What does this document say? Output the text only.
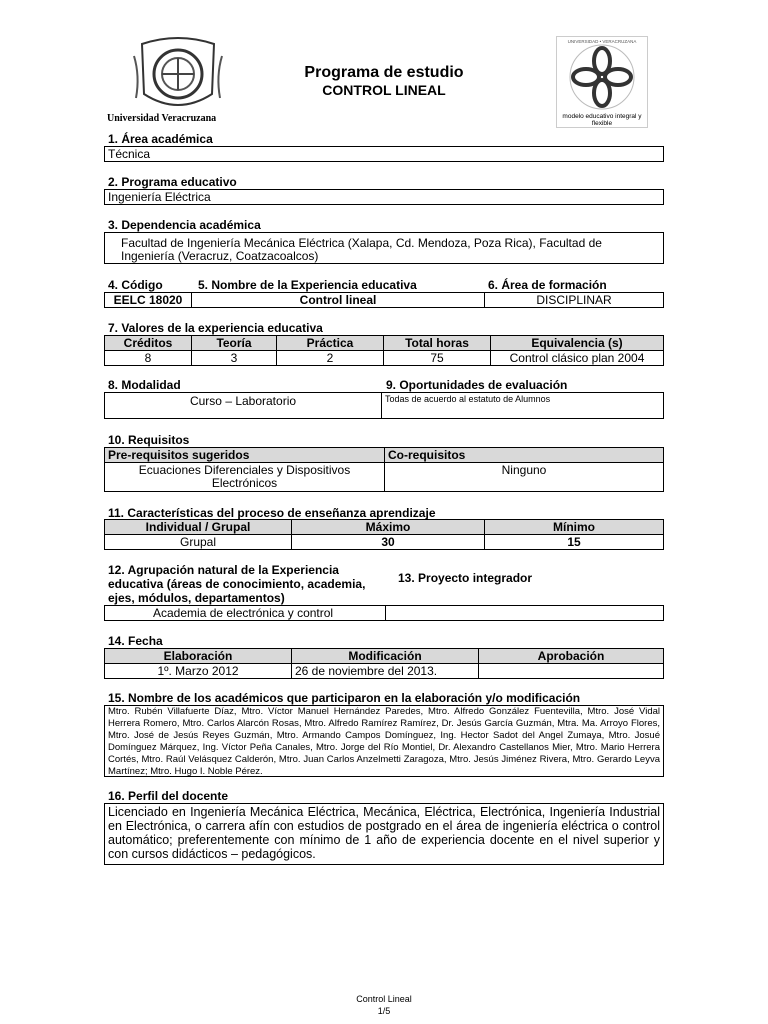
Universidad Veracruzana
Programa de estudio
CONTROL LINEAL
modelo educativo integral y flexible
UNIVERSIDAD • VERACRUZANA
1. Área académica
Técnica
2. Programa educativo
Ingeniería Eléctrica
3. Dependencia académica
Facultad de Ingeniería Mecánica Eléctrica (Xalapa, Cd. Mendoza, Poza Rica), Facultad de Ingeniería (Veracruz, Coatzacoalcos)
4. Código	5. Nombre de la Experiencia educativa	6. Área de formación
EELC 18020	Control lineal	DISCIPLINAR
7. Valores de la experiencia educativa
Créditos	Teoría	Práctica	Total horas	Equivalencia (s)
8	3	2	75	Control clásico plan 2004
8. Modalidad	9. Oportunidades de evaluación
Curso – Laboratorio	Todas de acuerdo al estatuto de Alumnos
10. Requisitos
Pre-requisitos sugeridos	Co-requisitos
Ecuaciones Diferenciales y Dispositivos Electrónicos	Ninguno
11. Características del proceso de enseñanza aprendizaje
Individual / Grupal	Máximo	Mínimo
Grupal	30	15
12. Agrupación natural de la Experiencia educativa (áreas de conocimiento, academia, ejes, módulos, departamentos)
13. Proyecto integrador
Academia de electrónica y control
14. Fecha
Elaboración	Modificación	Aprobación
1º. Marzo 2012	26 de noviembre del 2013.	
15. Nombre de los académicos que participaron en la elaboración y/o modificación
Mtro. Rubén Villafuerte Díaz, Mtro. Víctor Manuel Hernández Paredes, Mtro. Alfredo González Fuentevilla, Mtro. José Vidal Herrera Romero, Mtro. Carlos Alarcón Rosas, Mtro. Alfredo Ramírez Ramírez, Dr. Jesús García Guzmán, Mtra. Ma. Arroyo Flores, Mtro. José de Jesús Reyes Guzmán, Mtro. Armando Campos Domínguez, Ing. Hector Sadot del Angel Zumaya, Mtro. Josué Domínguez Márquez, Ing. Víctor Peña Canales, Mtro. Jorge del Río Montiel, Dr. Alexandro Castellanos Mier, Mtro. Mario Herrera Cortés, Mtro. Raúl Velásquez Calderón, Mtro. Juan Carlos Anzelmetti Zaragoza, Mtro. Jesús Jiménez Rivera, Mtro. Gerardo Leyva Martínez; Mtro. Hugo I. Noble Pérez.
16. Perfil del docente
Licenciado en Ingeniería Mecánica Eléctrica, Mecánica, Eléctrica, Electrónica, Ingeniería Industrial en Electrónica, o carrera afín con estudios de postgrado en el área de ingeniería eléctrica o control automático; preferentemente con mínimo de 1 año de experiencia docente en el nivel superior y con cursos didácticos – pedagógicos.
Control Lineal
1/5
